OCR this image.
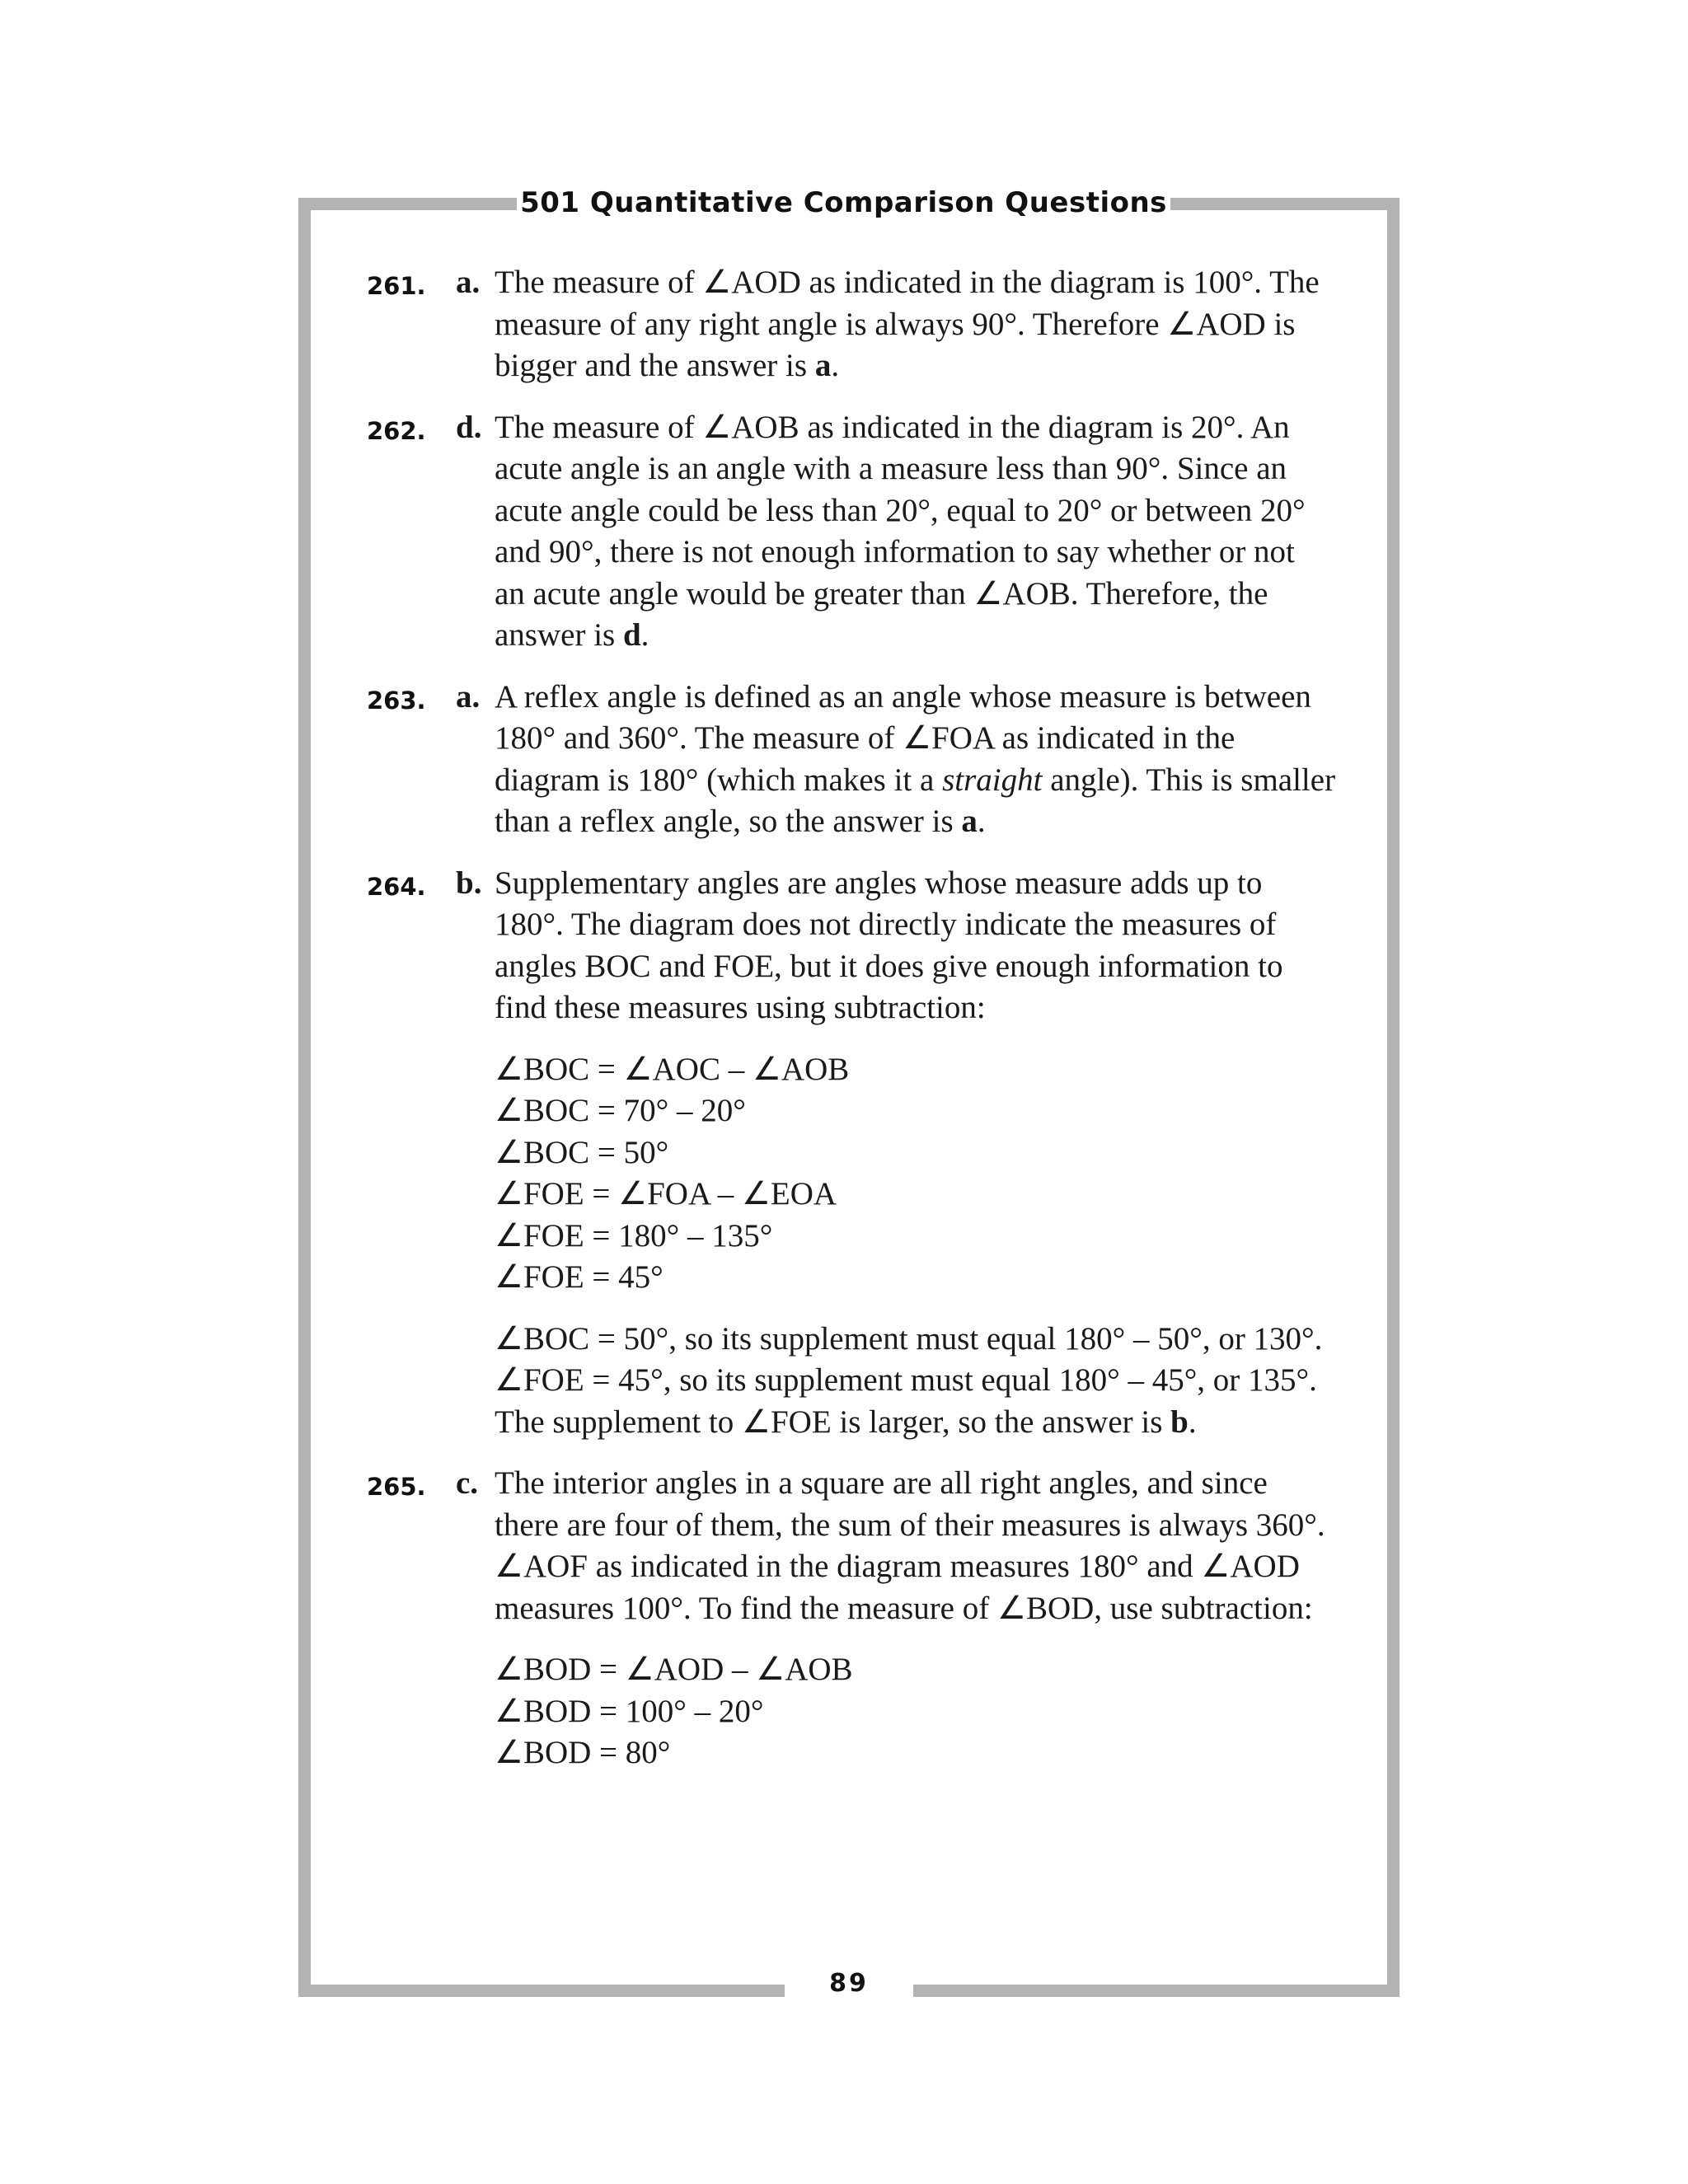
501 Quantitative Comparison Questions
89
261. a. The measure of ∠AOD as indicated in the diagram is 100°. The
measure of any right angle is always 90°. Therefore ∠AOD is
bigger and the answer is a.
262. d. The measure of ∠AOB as indicated in the diagram is 20°. An
acute angle is an angle with a measure less than 90°. Since an
acute angle could be less than 20°, equal to 20° or between 20°
and 90°, there is not enough information to say whether or not
an acute angle would be greater than ∠AOB. Therefore, the
answer is d.
263. a. A reflex angle is defined as an angle whose measure is between
180° and 360°. The measure of ∠FOA as indicated in the
diagram is 180° (which makes it a straight angle). This is smaller
than a reflex angle, so the answer is a.
264. b. Supplementary angles are angles whose measure adds up to
180°. The diagram does not directly indicate the measures of
angles BOC and FOE, but it does give enough information to
find these measures using subtraction:
∠BOC = ∠AOC – ∠AOB
∠BOC = 70° – 20°
∠BOC = 50°
∠FOE = ∠FOA – ∠EOA
∠FOE = 180° – 135°
∠FOE = 45°
∠BOC = 50°, so its supplement must equal 180° – 50°, or 130°.
∠FOE = 45°, so its supplement must equal 180° – 45°, or 135°.
The supplement to ∠FOE is larger, so the answer is b.
265. c. The interior angles in a square are all right angles, and since
there are four of them, the sum of their measures is always 360°.
∠AOF as indicated in the diagram measures 180° and ∠AOD
measures 100°. To find the measure of ∠BOD, use subtraction:
∠BOD = ∠AOD – ∠AOB
∠BOD = 100° – 20°
∠BOD = 80°
